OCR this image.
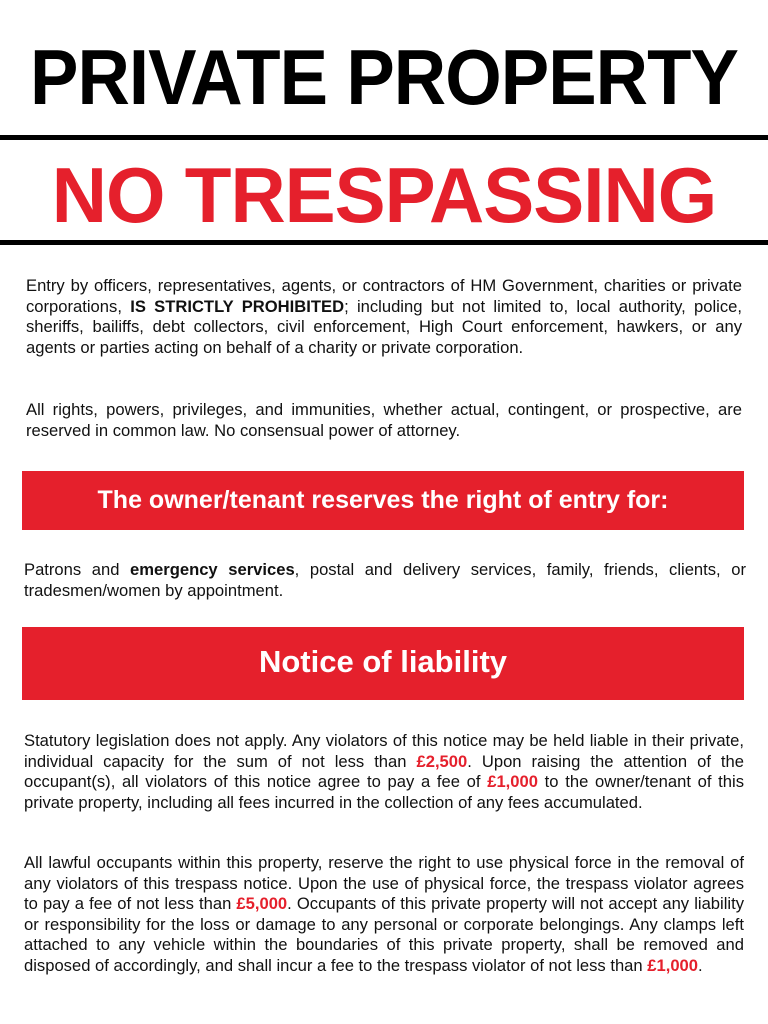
PRIVATE PROPERTY
NO TRESPASSING
Entry by officers, representatives, agents, or contractors of HM Government, charities or private corporations, IS STRICTLY PROHIBITED; including but not limited to, local authority, police, sheriffs, bailiffs, debt collectors, civil enforcement, High Court enforcement, hawkers, or any agents or parties acting on behalf of a charity or private corporation.
All rights, powers, privileges, and immunities, whether actual, contingent, or prospective, are reserved in common law. No consensual power of attorney.
The owner/tenant reserves the right of entry for:
Patrons and emergency services, postal and delivery services, family, friends, clients, or tradesmen/women by appointment.
Notice of liability
Statutory legislation does not apply. Any violators of this notice may be held liable in their private, individual capacity for the sum of not less than £2,500. Upon raising the attention of the occupant(s), all violators of this notice agree to pay a fee of £1,000 to the owner/tenant of this private property, including all fees incurred in the collection of any fees accumulated.
All lawful occupants within this property, reserve the right to use physical force in the removal of any violators of this trespass notice. Upon the use of physical force, the trespass violator agrees to pay a fee of not less than £5,000. Occupants of this private property will not accept any liability or responsibility for the loss or damage to any personal or corporate belongings. Any clamps left attached to any vehicle within the boundaries of this private property, shall be removed and disposed of accordingly, and shall incur a fee to the trespass violator of not less than £1,000.
